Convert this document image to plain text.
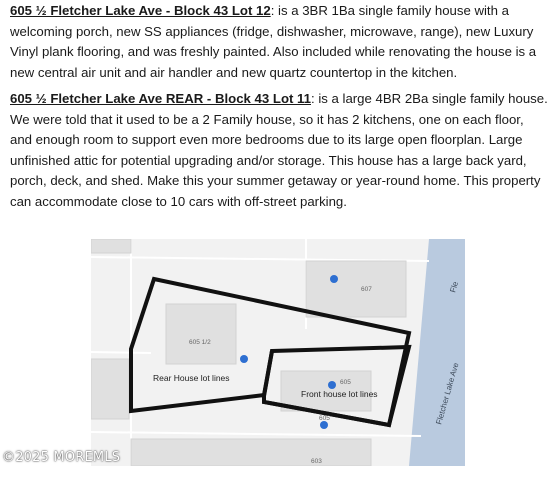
605 ½ Fletcher Lake Ave - Block 43 Lot 12: is a 3BR 1Ba single family house with a welcoming porch, new SS appliances (fridge, dishwasher, microwave, range), new Luxury Vinyl plank flooring, and was freshly painted. Also included while renovating the house is a new central air unit and air handler and new quartz countertop in the kitchen.

605 ½ Fletcher Lake Ave REAR - Block 43 Lot 11: is a large 4BR 2Ba single family house. We were told that it used to be a 2 Family house, so it has 2 kitchens, one on each floor, and enough room to support even more bedrooms due to its large open floorplan. Large unfinished attic for potential upgrading and/or storage. This house has a large back yard, porch, deck, and shed. Make this your summer getaway or year-round home. This property can accommodate close to 10 cars with off-street parking.

607
605 1/2
605
605
603
Rear House lot lines
Front house lot lines	Fletcher Lake Ave
Fle
©2025 MOREMLS
